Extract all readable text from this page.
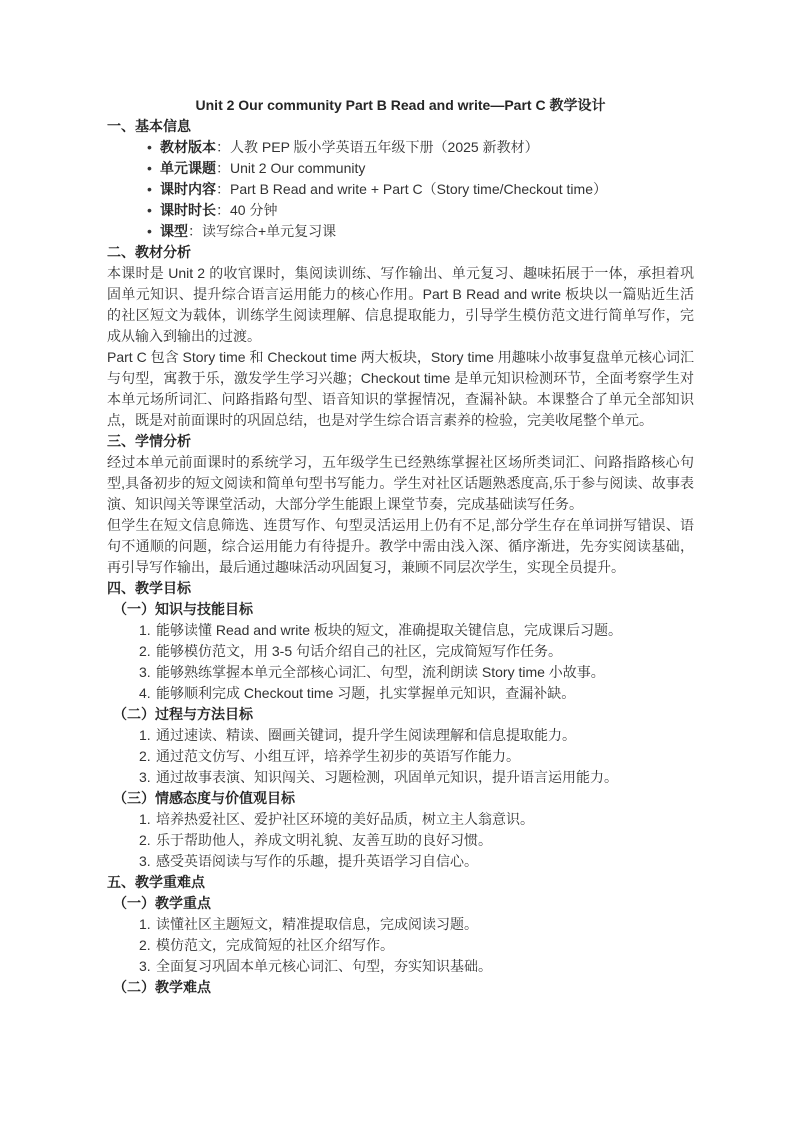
Unit 2 Our community Part B Read and write—Part C 教学设计
一、基本信息
• 教材版本：人教 PEP 版小学英语五年级下册（2025 新教材）
• 单元课题：Unit 2 Our community
• 课时内容：Part B Read and write + Part C（Story time/Checkout time）
• 课时时长：40 分钟
• 课型：读写综合+单元复习课
二、教材分析
本课时是 Unit 2 的收官课时，集阅读训练、写作输出、单元复习、趣味拓展于一体，承担着巩固单元知识、提升综合语言运用能力的核心作用。Part B Read and write 板块以一篇贴近生活的社区短文为载体，训练学生阅读理解、信息提取能力，引导学生模仿范文进行简单写作，完成从输入到输出的过渡。
Part C 包含 Story time 和 Checkout time 两大板块，Story time 用趣味小故事复盘单元核心词汇与句型，寓教于乐，激发学生学习兴趣；Checkout time 是单元知识检测环节，全面考察学生对本单元场所词汇、问路指路句型、语音知识的掌握情况，查漏补缺。本课整合了单元全部知识点，既是对前面课时的巩固总结，也是对学生综合语言素养的检验，完美收尾整个单元。
三、学情分析
经过本单元前面课时的系统学习，五年级学生已经熟练掌握社区场所类词汇、问路指路核心句型,具备初步的短文阅读和简单句型书写能力。学生对社区话题熟悉度高,乐于参与阅读、故事表演、知识闯关等课堂活动，大部分学生能跟上课堂节奏，完成基础读写任务。
但学生在短文信息筛选、连贯写作、句型灵活运用上仍有不足,部分学生存在单词拼写错误、语句不通顺的问题，综合运用能力有待提升。教学中需由浅入深、循序渐进，先夯实阅读基础，再引导写作输出，最后通过趣味活动巩固复习，兼顾不同层次学生，实现全员提升。
四、教学目标
（一）知识与技能目标
1. 能够读懂 Read and write 板块的短文，准确提取关键信息，完成课后习题。
2. 能够模仿范文，用 3-5 句话介绍自己的社区，完成简短写作任务。
3. 能够熟练掌握本单元全部核心词汇、句型，流利朗读 Story time 小故事。
4. 能够顺利完成 Checkout time 习题，扎实掌握单元知识，查漏补缺。
（二）过程与方法目标
1. 通过速读、精读、圈画关键词，提升学生阅读理解和信息提取能力。
2. 通过范文仿写、小组互评，培养学生初步的英语写作能力。
3. 通过故事表演、知识闯关、习题检测，巩固单元知识，提升语言运用能力。
（三）情感态度与价值观目标
1. 培养热爱社区、爱护社区环境的美好品质，树立主人翁意识。
2. 乐于帮助他人，养成文明礼貌、友善互助的良好习惯。
3. 感受英语阅读与写作的乐趣，提升英语学习自信心。
五、教学重难点
（一）教学重点
1. 读懂社区主题短文，精准提取信息，完成阅读习题。
2. 模仿范文，完成简短的社区介绍写作。
3. 全面复习巩固本单元核心词汇、句型，夯实知识基础。
（二）教学难点
